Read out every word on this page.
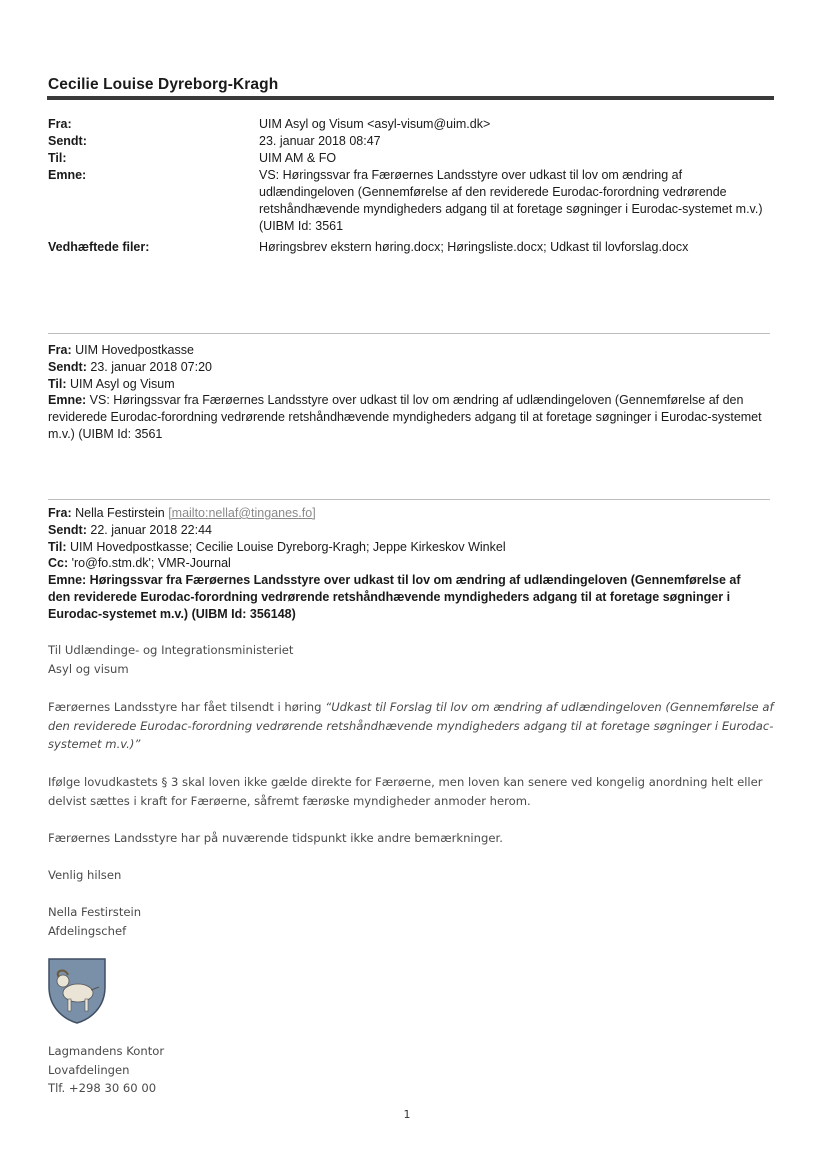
Cecilie Louise Dyreborg-Kragh
Fra:	UIM Asyl og Visum <asyl-visum@uim.dk>
Sendt:	23. januar 2018 08:47
Til:	UIM AM & FO
Emne:	VS: Høringssvar fra Færøernes Landsstyre over udkast til lov om ændring af udlændingeloven (Gennemførelse af den reviderede Eurodac-forordning vedrørende retshåndhævende myndigheders adgang til at foretage søgninger i Eurodac-systemet m.v.) (UIBM Id: 3561
Vedhæftede filer:	Høringsbrev ekstern høring.docx; Høringsliste.docx; Udkast til lovforslag.docx
Fra: UIM Hovedpostkasse
Sendt: 23. januar 2018 07:20
Til: UIM Asyl og Visum
Emne: VS: Høringssvar fra Færøernes Landsstyre over udkast til lov om ændring af udlændingeloven (Gennemførelse af den reviderede Eurodac-forordning vedrørende retshåndhævende myndigheders adgang til at foretage søgninger i Eurodac-systemet m.v.) (UIBM Id: 3561
Fra: Nella Festirstein [mailto:nellaf@tinganes.fo]
Sendt: 22. januar 2018 22:44
Til: UIM Hovedpostkasse; Cecilie Louise Dyreborg-Kragh; Jeppe Kirkeskov Winkel
Cc: 'ro@fo.stm.dk'; VMR-Journal
Emne: Høringssvar fra Færøernes Landsstyre over udkast til lov om ændring af udlændingeloven (Gennemførelse af den reviderede Eurodac-forordning vedrørende retshåndhævende myndigheders adgang til at foretage søgninger i Eurodac-systemet m.v.) (UIBM Id: 356148)
Til Udlændinge- og Integrationsministeriet
Asyl og visum
Færøernes Landsstyre har fået tilsendt i høring “Udkast til Forslag til lov om ændring af udlændingeloven (Gennemførelse af den reviderede Eurodac-forordning vedrørende retshåndhævende myndigheders adgang til at foretage søgninger i Eurodac-systemet m.v.)”
Ifølge lovudkastets § 3 skal loven ikke gælde direkte for Færøerne, men loven kan senere ved kongelig anordning helt eller delvist sættes i kraft for Færøerne, såfremt færøske myndigheder anmoder herom.
Færøernes Landsstyre har på nuværende tidspunkt ikke andre bemærkninger.
Venlig hilsen
Nella Festirstein
Afdelingschef
Lagmandens Kontor
Lovafdelingen
Tlf. +298 30 60 00
1
